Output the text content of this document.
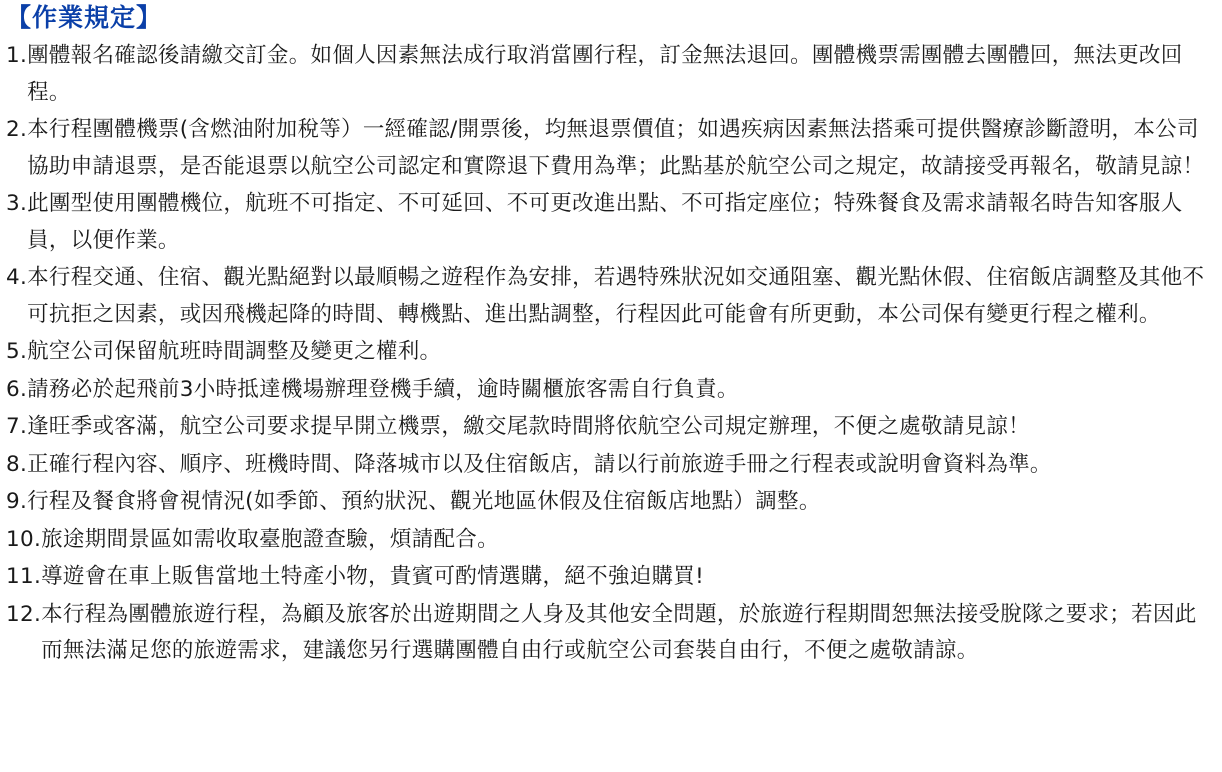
【作業規定】
1. 團體報名確認後請繳交訂金。如個人因素無法成行取消當團行程，訂金無法退回。團體機票需團體去團體回，無法更改回程。
2. 本行程團體機票(含燃油附加稅等）一經確認/開票後，均無退票價值；如遇疾病因素無法搭乘可提供醫療診斷證明，本公司協助申請退票，是否能退票以航空公司認定和實際退下費用為準；此點基於航空公司之規定，故請接受再報名，敬請見諒！
3. 此團型使用團體機位，航班不可指定、不可延回、不可更改進出點、不可指定座位；特殊餐食及需求請報名時告知客服人員，以便作業。
4. 本行程交通、住宿、觀光點絕對以最順暢之遊程作為安排，若遇特殊狀況如交通阻塞、觀光點休假、住宿飯店調整及其他不可抗拒之因素，或因飛機起降的時間、轉機點、進出點調整，行程因此可能會有所更動，本公司保有變更行程之權利。
5. 航空公司保留航班時間調整及變更之權利。
6. 請務必於起飛前3小時抵達機場辦理登機手續，逾時關櫃旅客需自行負責。
7. 逢旺季或客滿，航空公司要求提早開立機票，繳交尾款時間將依航空公司規定辦理，不便之處敬請見諒！
8. 正確行程內容、順序、班機時間、降落城市以及住宿飯店，請以行前旅遊手冊之行程表或說明會資料為準。
9. 行程及餐食將會視情況(如季節、預約狀況、觀光地區休假及住宿飯店地點）調整。
10. 旅途期間景區如需收取臺胞證查驗，煩請配合。
11. 導遊會在車上販售當地土特產小物，貴賓可酌情選購，絕不強迫購買!
12. 本行程為團體旅遊行程，為顧及旅客於出遊期間之人身及其他安全問題，於旅遊行程期間恕無法接受脫隊之要求；若因此而無法滿足您的旅遊需求，建議您另行選購團體自由行或航空公司套裝自由行，不便之處敬請諒。
